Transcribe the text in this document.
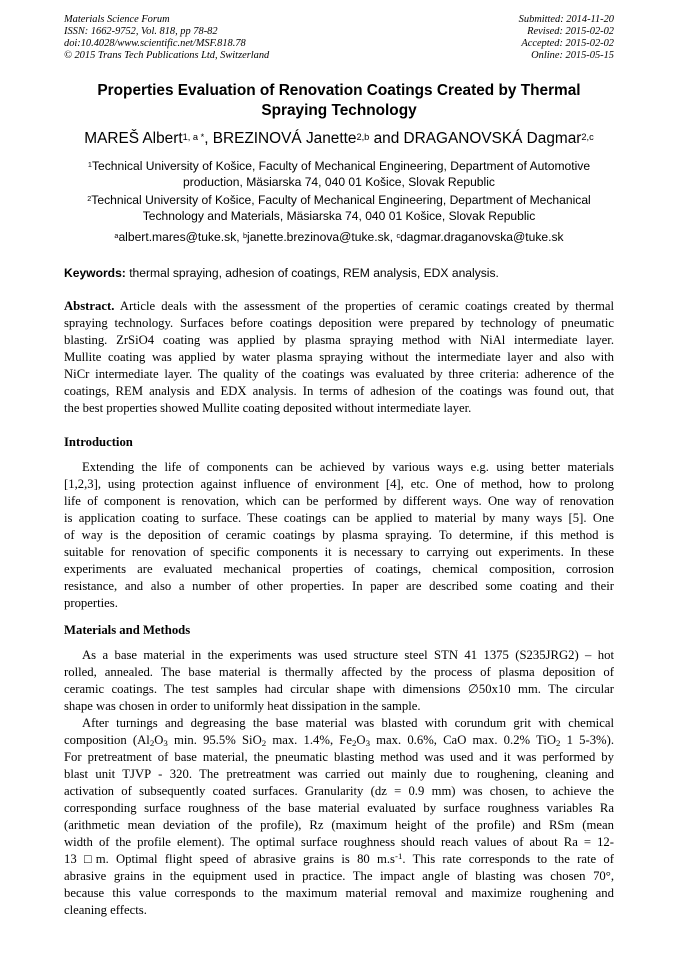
Materials Science Forum
ISSN: 1662-9752, Vol. 818, pp 78-82
doi:10.4028/www.scientific.net/MSF.818.78
© 2015 Trans Tech Publications Ltd, Switzerland
Submitted: 2014-11-20
Revised: 2015-02-02
Accepted: 2015-02-02
Online: 2015-05-15
Properties Evaluation of Renovation Coatings Created by Thermal
Spraying Technology
MAREŠ Albert$^{1, a *}$, BREZINOVÁ Janette$^{2,b}$ and DRAGANOVSKÁ Dagmar$^{2,c}$
$^1$Technical University of Košice, Faculty of Mechanical Engineering, Department of Automotive
production, Mäsiarska 74, 040 01 Košice, Slovak Republic
$^2$Technical University of Košice, Faculty of Mechanical Engineering, Department of Mechanical
Technology and Materials, Mäsiarska 74, 040 01 Košice, Slovak Republic
$^a$albert.mares@tuke.sk, $^b$janette.brezinova@tuke.sk, $^c$dagmar.draganovska@tuke.sk
Keywords: thermal spraying, adhesion of coatings, REM analysis, EDX analysis.
Abstract. Article deals with the assessment of the properties of ceramic coatings created by thermal
spraying technology. Surfaces before coatings deposition were prepared by technology of pneumatic
blasting. ZrSiO4 coating was applied by plasma spraying method with NiAl intermediate layer.
Mullite coating was applied by water plasma spraying without the intermediate layer and also with
NiCr intermediate layer. The quality of the coatings was evaluated by three criteria: adherence of the
coatings, REM analysis and EDX analysis. In terms of adhesion of the coatings was found out, that
the best properties showed Mullite coating deposited without intermediate layer.
Introduction
Extending the life of components can be achieved by various ways e.g. using better materials
[1,2,3], using protection against influence of environment [4], etc. One of method, how to prolong
life of component is renovation, which can be performed by different ways. One way of renovation
is application coating to surface. These coatings can be applied to material by many ways [5]. One
of way is the deposition of ceramic coatings by plasma spraying. To determine, if this method is
suitable for renovation of specific components it is necessary to carrying out experiments. In these
experiments are evaluated mechanical properties of coatings, chemical composition, corrosion
resistance, and also a number of other properties. In paper are described some coating and their
properties.
Materials and Methods
As a base material in the experiments was used structure steel STN 41 1375 (S235JRG2) – hot
rolled, annealed. The base material is thermally affected by the process of plasma deposition of
ceramic coatings. The test samples had circular shape with dimensions ∅50x10 mm. The circular
shape was chosen in order to uniformly heat dissipation in the sample.
After turnings and degreasing the base material was blasted with corundum grit with chemical
composition ($Al_2O_3$ min. 95.5% SiO$_2$ max. 1.4%, $Fe_2O_3$ max. 0.6%, CaO max. 0.2% TiO$_2$ 1 5-3%).
For pretreatment of base material, the pneumatic blasting method was used and it was performed by
blast unit TJVP - 320. The pretreatment was carried out mainly due to roughening, cleaning and
activation of subsequently coated surfaces. Granularity (dz = 0.9 mm) was chosen, to achieve the
corresponding surface roughness of the base material evaluated by surface roughness variables Ra
(arithmetic mean deviation of the profile), Rz (maximum height of the profile) and RSm (mean
width of the profile element). The optimal surface roughness should reach values of about Ra = 12-
13 □m. Optimal flight speed of abrasive grains is 80 $m.s^{-1}$. This rate corresponds to the rate of
abrasive grains in the equipment used in practice. The impact angle of blasting was chosen 70°,
because this value corresponds to the maximum material removal and maximize roughening and
cleaning effects.
